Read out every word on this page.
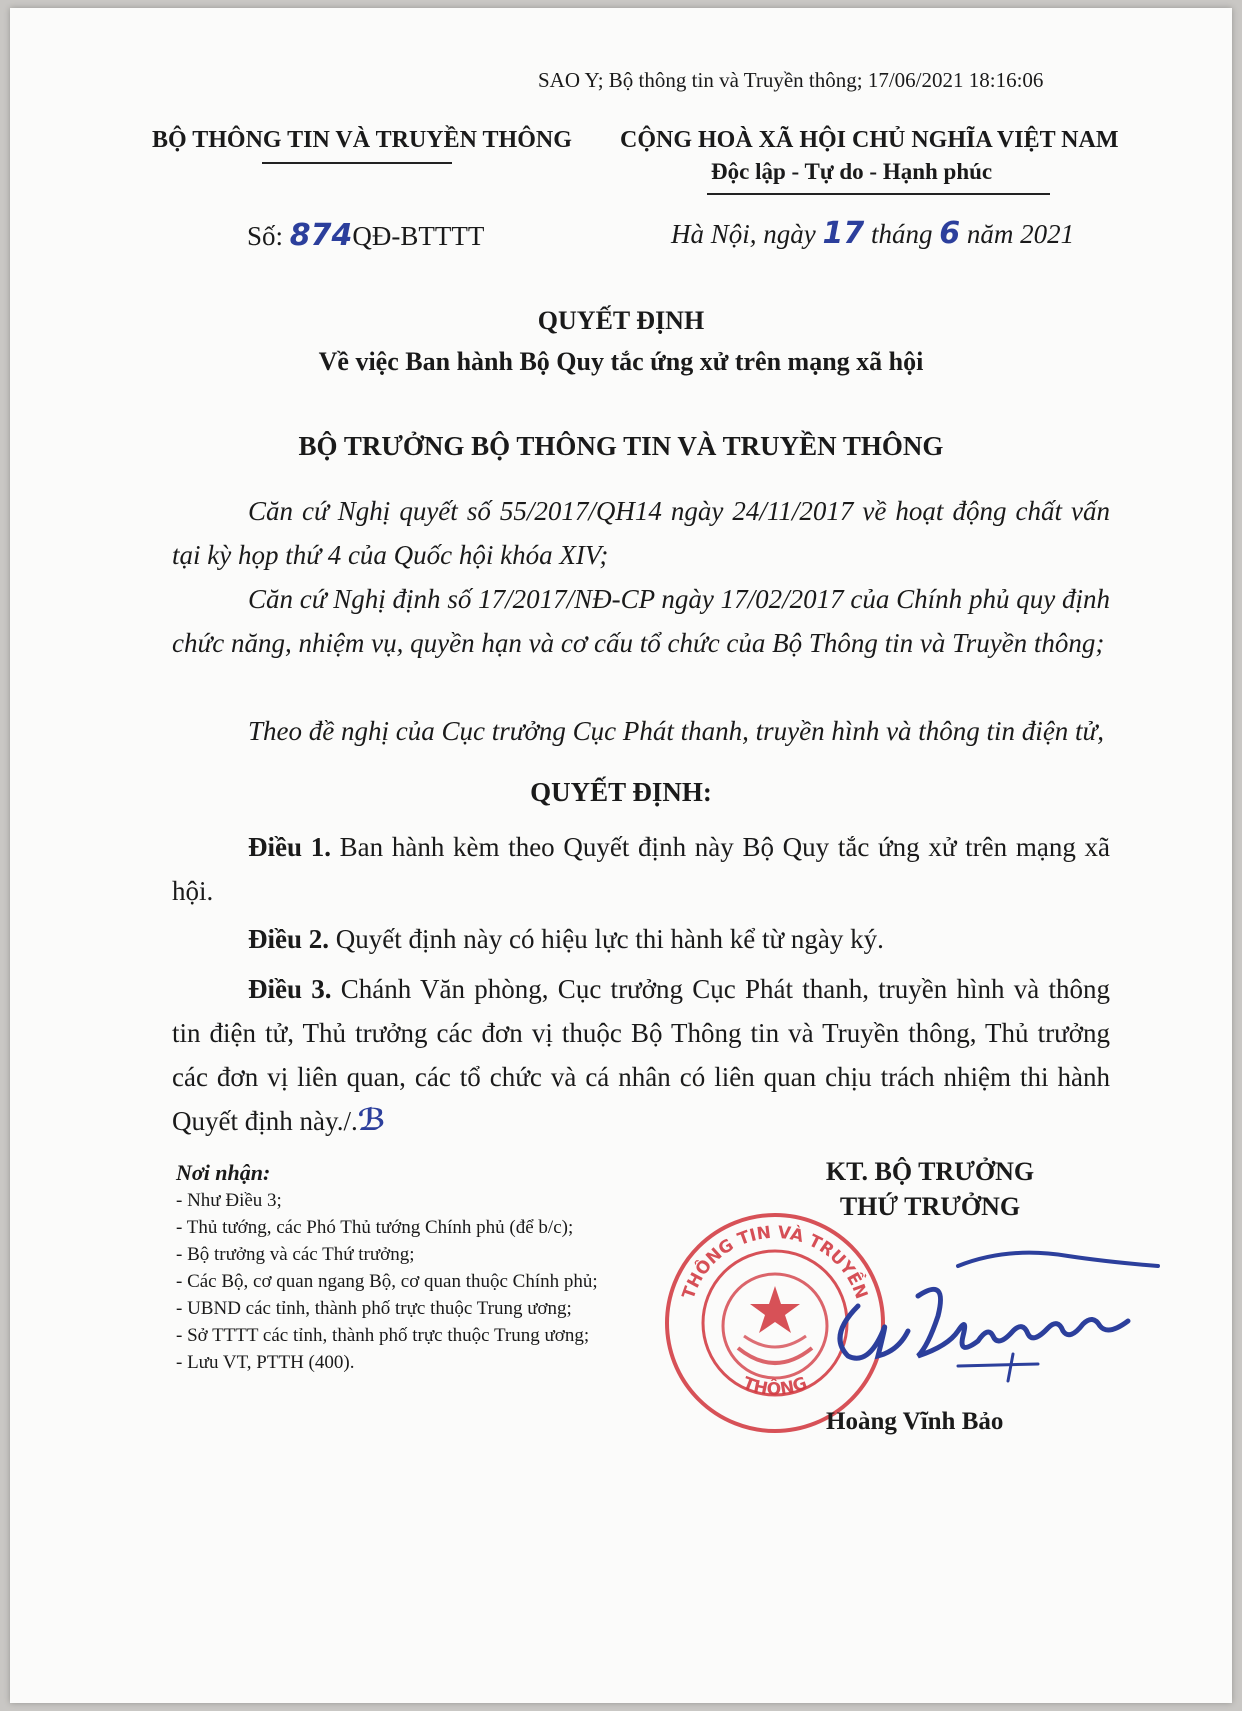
SAO Y; Bộ thông tin và Truyền thông; 17/06/2021 18:16:06
BỘ THÔNG TIN VÀ TRUYỀN THÔNG CỘNG HOÀ XÃ HỘI CHỦ NGHĨA VIỆT NAM
Độc lập - Tự do - Hạnh phúc
Số: 874QĐ-BTTTT	Hà Nội, ngày 17 tháng 6 năm 2021
QUYẾT ĐỊNH
Về việc Ban hành Bộ Quy tắc ứng xử trên mạng xã hội
BỘ TRƯỞNG BỘ THÔNG TIN VÀ TRUYỀN THÔNG
Căn cứ Nghị quyết số 55/2017/QH14 ngày 24/11/2017 về hoạt động chất vấn tại kỳ họp thứ 4 của Quốc hội khóa XIV;
Căn cứ Nghị định số 17/2017/NĐ-CP ngày 17/02/2017 của Chính phủ quy định chức năng, nhiệm vụ, quyền hạn và cơ cấu tổ chức của Bộ Thông tin và Truyền thông;
Theo đề nghị của Cục trưởng Cục Phát thanh, truyền hình và thông tin điện tử,
QUYẾT ĐỊNH:
Điều 1. Ban hành kèm theo Quyết định này Bộ Quy tắc ứng xử trên mạng xã hội.
Điều 2. Quyết định này có hiệu lực thi hành kể từ ngày ký.
Điều 3. Chánh Văn phòng, Cục trưởng Cục Phát thanh, truyền hình và thông tin điện tử, Thủ trưởng các đơn vị thuộc Bộ Thông tin và Truyền thông, Thủ trưởng các đơn vị liên quan, các tổ chức và cá nhân có liên quan chịu trách nhiệm thi hành Quyết định này./.ℬ
Nơi nhận:
- Như Điều 3;
- Thủ tướng, các Phó Thủ tướng Chính phủ (để b/c);
- Bộ trưởng và các Thứ trưởng;
- Các Bộ, cơ quan ngang Bộ, cơ quan thuộc Chính phủ;
- UBND các tỉnh, thành phố trực thuộc Trung ương;
- Sở TTTT các tỉnh, thành phố trực thuộc Trung ương;
- Lưu VT, PTTH (400).
KT. BỘ TRƯỞNG
THỨ TRƯỞNG
THÔNG TIN VÀ TRUYỀN
THÔNG
Hoàng Vĩnh Bảo
